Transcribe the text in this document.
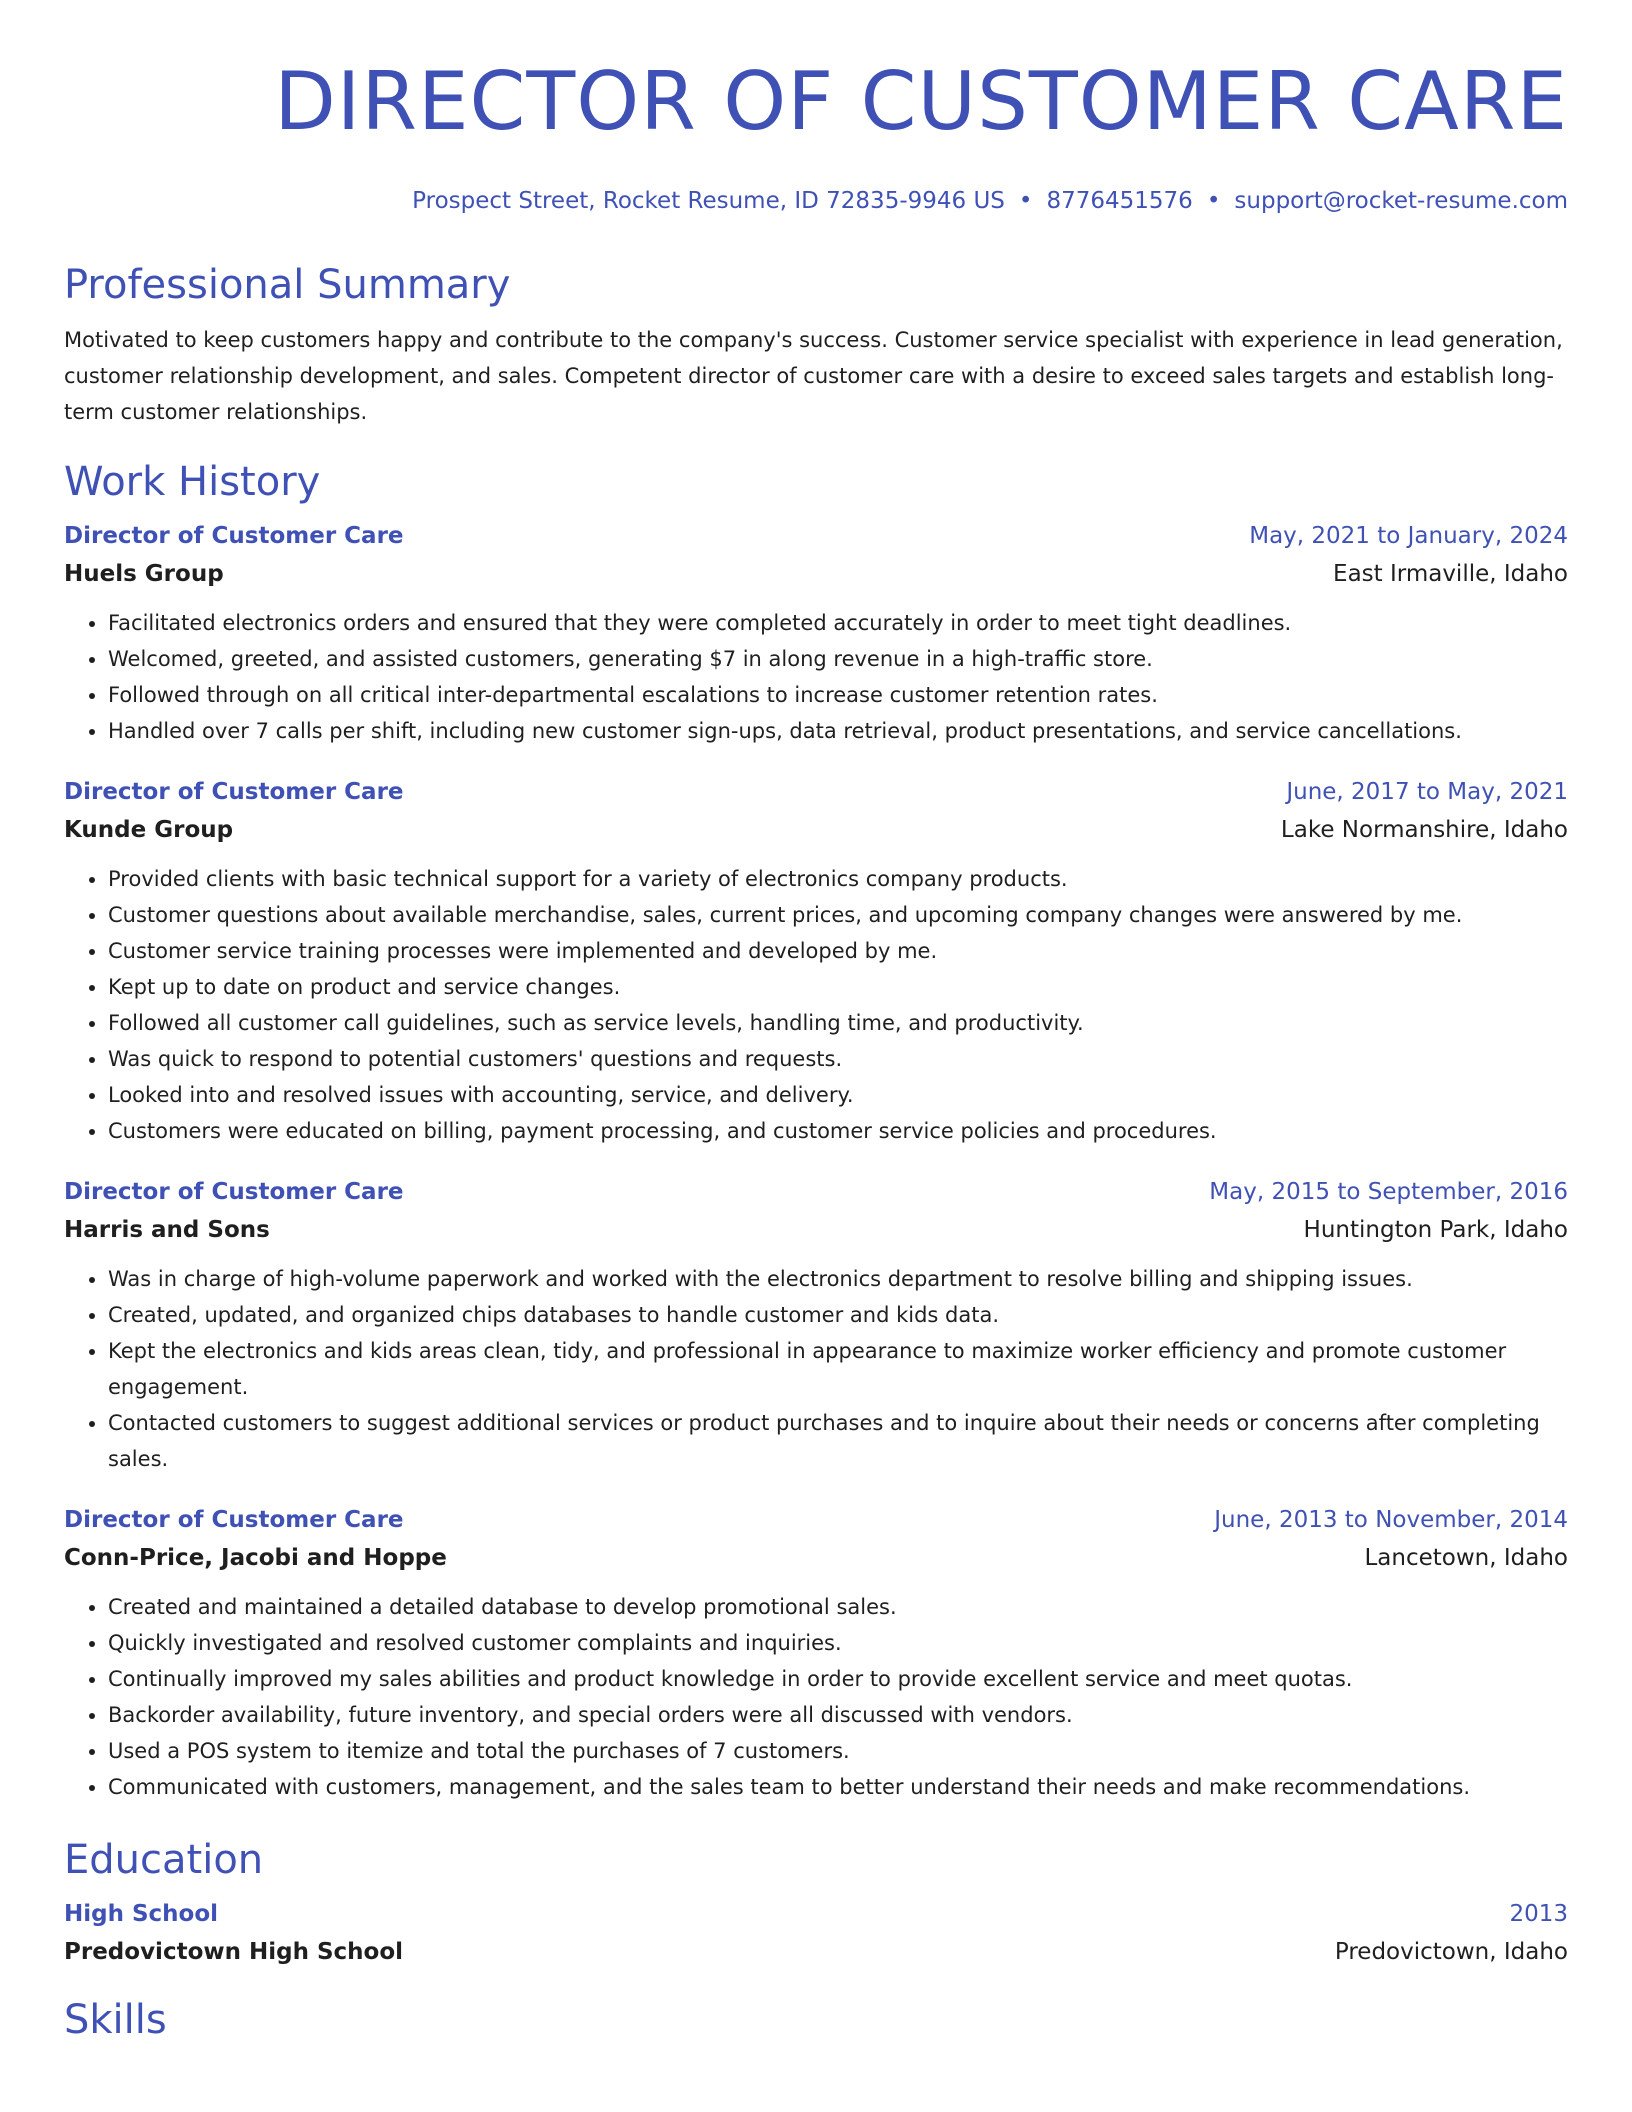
DIRECTOR OF CUSTOMER CARE
Prospect Street, Rocket Resume, ID 72835-9946 US • 8776451576 • support@rocket-resume.com
Professional Summary
Motivated to keep customers happy and contribute to the company's success. Customer service specialist with experience in lead generation, customer relationship development, and sales. Competent director of customer care with a desire to exceed sales targets and establish long-term customer relationships.
Work History
Director of Customer Care	May, 2021 to January, 2024
Huels Group	East Irmaville, Idaho
• Facilitated electronics orders and ensured that they were completed accurately in order to meet tight deadlines.
• Welcomed, greeted, and assisted customers, generating $7 in along revenue in a high-traffic store.
• Followed through on all critical inter-departmental escalations to increase customer retention rates.
• Handled over 7 calls per shift, including new customer sign-ups, data retrieval, product presentations, and service cancellations.
Director of Customer Care	June, 2017 to May, 2021
Kunde Group	Lake Normanshire, Idaho
• Provided clients with basic technical support for a variety of electronics company products.
• Customer questions about available merchandise, sales, current prices, and upcoming company changes were answered by me.
• Customer service training processes were implemented and developed by me.
• Kept up to date on product and service changes.
• Followed all customer call guidelines, such as service levels, handling time, and productivity.
• Was quick to respond to potential customers' questions and requests.
• Looked into and resolved issues with accounting, service, and delivery.
• Customers were educated on billing, payment processing, and customer service policies and procedures.
Director of Customer Care	May, 2015 to September, 2016
Harris and Sons	Huntington Park, Idaho
• Was in charge of high-volume paperwork and worked with the electronics department to resolve billing and shipping issues.
• Created, updated, and organized chips databases to handle customer and kids data.
• Kept the electronics and kids areas clean, tidy, and professional in appearance to maximize worker efficiency and promote customer engagement.
• Contacted customers to suggest additional services or product purchases and to inquire about their needs or concerns after completing sales.
Director of Customer Care	June, 2013 to November, 2014
Conn-Price, Jacobi and Hoppe	Lancetown, Idaho
• Created and maintained a detailed database to develop promotional sales.
• Quickly investigated and resolved customer complaints and inquiries.
• Continually improved my sales abilities and product knowledge in order to provide excellent service and meet quotas.
• Backorder availability, future inventory, and special orders were all discussed with vendors.
• Used a POS system to itemize and total the purchases of 7 customers.
• Communicated with customers, management, and the sales team to better understand their needs and make recommendations.
Education
High School	2013
Predovictown High School	Predovictown, Idaho
Skills
